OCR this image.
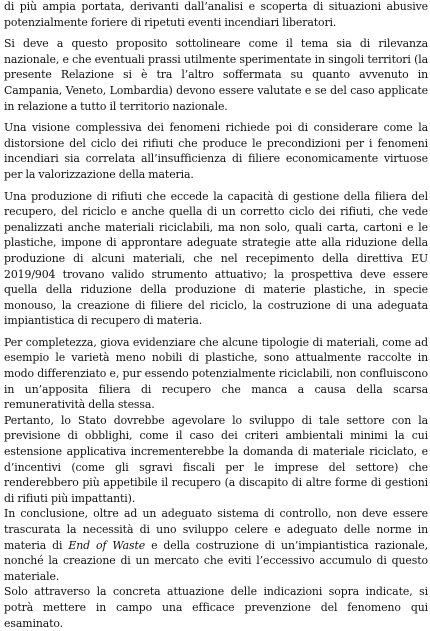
di più ampia portata, derivanti dall’analisi e scoperta di situazioni abusive potenzialmente foriere di ripetuti eventi incendiari liberatori.

Si deve a questo proposito sottolineare come il tema sia di rilevanza nazionale, e che eventuali prassi utilmente sperimentate in singoli territori (la presente Relazione si è tra l’altro soffermata su quanto avvenuto in Campania, Veneto, Lombardia) devono essere valutate e se del caso applicate in relazione a tutto il territorio nazionale.

Una visione complessiva dei fenomeni richiede poi di considerare come la distorsione del ciclo dei rifiuti che produce le precondizioni per i fenomeni incendiari sia correlata all’insufficienza di filiere economicamente virtuose per la valorizzazione della materia.

Una produzione di rifiuti che eccede la capacità di gestione della filiera del recupero, del riciclo e anche quella di un corretto ciclo dei rifiuti, che vede penalizzati anche materiali riciclabili, ma non solo, quali carta, cartoni e le plastiche, impone di approntare adeguate strategie atte alla riduzione della produzione di alcuni materiali, che nel recepimento della direttiva EU 2019/904 trovano valido strumento attuativo; la prospettiva deve essere quella della riduzione della produzione di materie plastiche, in specie monouso, la creazione di filiere del riciclo, la costruzione di una adeguata impiantistica di recupero di materia.

Per completezza, giova evidenziare che alcune tipologie di materiali, come ad esempio le varietà meno nobili di plastiche, sono attualmente raccolte in modo differenziato e, pur essendo potenzialmente riciclabili, non confluiscono in un’apposita filiera di recupero che manca a causa della scarsa remuneratività della stessa.

Pertanto, lo Stato dovrebbe agevolare lo sviluppo di tale settore con la previsione di obblighi, come il caso dei criteri ambientali minimi la cui estensione applicativa incrementerebbe la domanda di materiale riciclato, e d’incentivi (come gli sgravi fiscali per le imprese del settore) che renderebbero più appetibile il recupero (a discapito di altre forme di gestioni di rifiuti più impattanti).

In conclusione, oltre ad un adeguato sistema di controllo, non deve essere trascurata la necessità di uno sviluppo celere e adeguato delle norme in materia di End of Waste e della costruzione di un’impiantistica razionale, nonché la creazione di un mercato che eviti l’eccessivo accumulo di questo materiale.

Solo attraverso la concreta attuazione delle indicazioni sopra indicate, si potrà mettere in campo una efficace prevenzione del fenomeno qui esaminato.
